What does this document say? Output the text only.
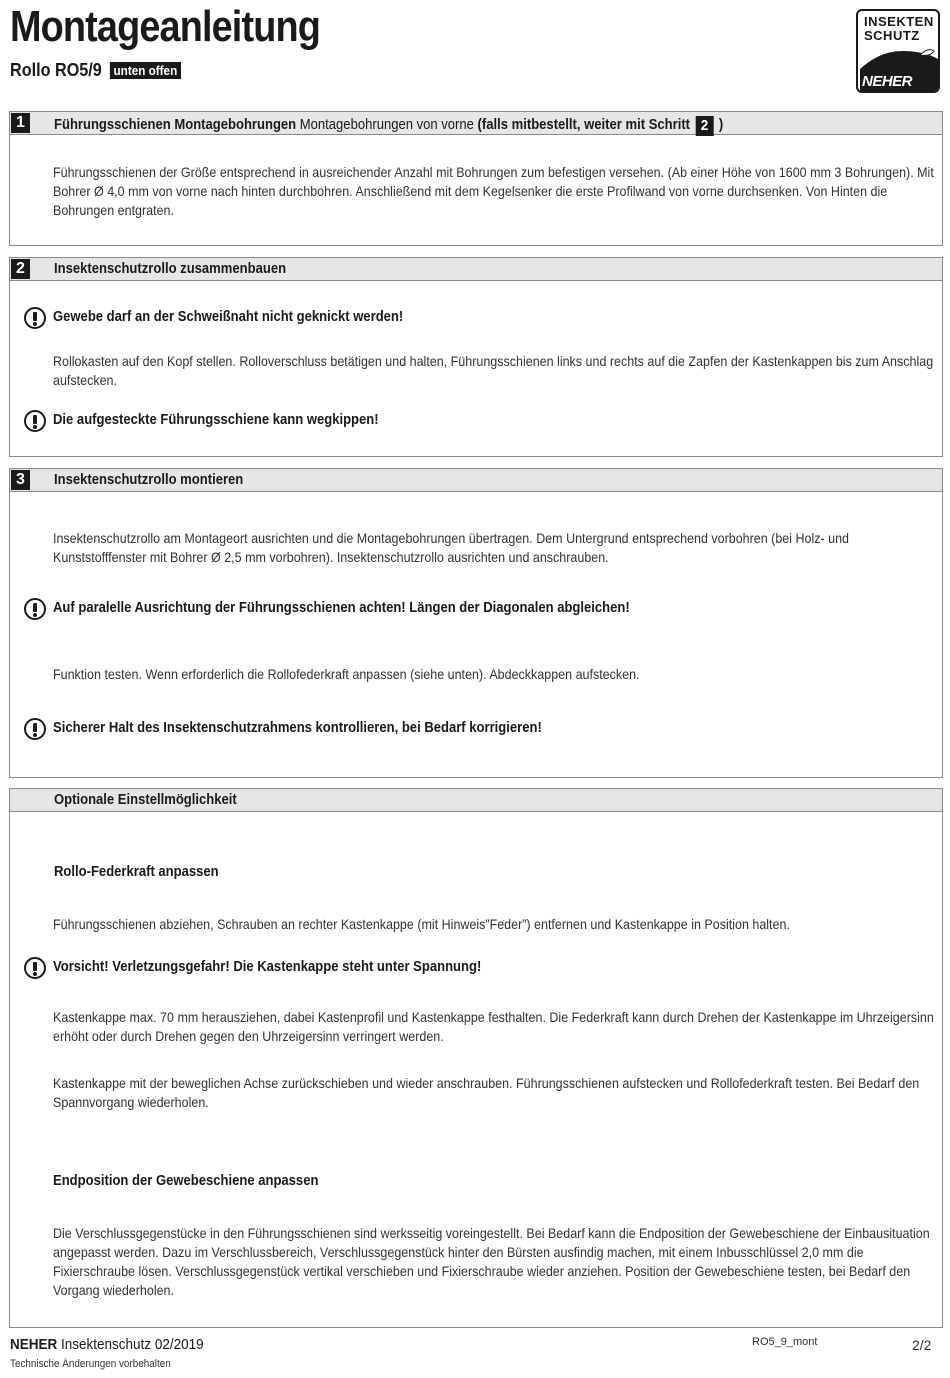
Montageanleitung
Rollo RO5/9 unten offen
INSEKTEN
SCHUTZ
NEHER
1	Führungsschienen Montagebohrungen Montagebohrungen von vorne (falls mitbestellt, weiter mit Schritt 2 )
Führungsschienen der Größe entsprechend in ausreichender Anzahl mit Bohrungen zum befestigen versehen. (Ab einer Höhe von 1600 mm 3 Bohrungen). Mit Bohrer Ø 4,0 mm von vorne nach hinten durchbohren. Anschließend mit dem Kegelsenker die erste Profilwand von vorne durchsenken. Von Hinten die Bohrungen entgraten.
2	Insektenschutzrollo zusammenbauen
Gewebe darf an der Schweißnaht nicht geknickt werden!
Rollokasten auf den Kopf stellen. Rolloverschluss betätigen und halten, Führungsschienen links und rechts auf die Zapfen der Kastenkappen bis zum Anschlag aufstecken.
Die aufgesteckte Führungsschiene kann wegkippen!
3	Insektenschutzrollo montieren
Insektenschutzrollo am Montageort ausrichten und die Montagebohrungen übertragen. Dem Untergrund entsprechend vorbohren (bei Holz- und Kunststofffenster mit Bohrer Ø 2,5 mm vorbohren). Insektenschutzrollo ausrichten und anschrauben.
Auf paralelle Ausrichtung der Führungsschienen achten! Längen der Diagonalen abgleichen!
Funktion testen. Wenn erforderlich die Rollofederkraft anpassen (siehe unten). Abdeckkappen aufstecken.
Sicherer Halt des Insektenschutzrahmens kontrollieren, bei Bedarf korrigieren!
Optionale Einstellmöglichkeit
Rollo-Federkraft anpassen
Führungsschienen abziehen, Schrauben an rechter Kastenkappe (mit Hinweis”Feder”) entfernen und Kastenkappe in Position halten.
Vorsicht! Verletzungsgefahr! Die Kastenkappe steht unter Spannung!
Kastenkappe max. 70 mm herausziehen, dabei Kastenprofil und Kastenkappe festhalten. Die Federkraft kann durch Drehen der Kastenkappe im Uhrzeigersinn erhöht oder durch Drehen gegen den Uhrzeigersinn verringert werden.
Kastenkappe mit der beweglichen Achse zurückschieben und wieder anschrauben. Führungsschienen aufstecken und Rollofederkraft testen. Bei Bedarf den Spannvorgang wiederholen.
Endposition der Gewebeschiene anpassen
Die Verschlussgegenstücke in den Führungsschienen sind werksseitig voreingestellt. Bei Bedarf kann die Endposition der Gewebeschiene der Einbausituation angepasst werden. Dazu im Verschlussbereich, Verschlussgegenstück hinter den Bürsten ausfindig machen, mit einem Inbusschlüssel 2,0 mm die Fixierschraube lösen. Verschlussgegenstück vertikal verschieben und Fixierschraube wieder anziehen. Position der Gewebeschiene testen, bei Bedarf den Vorgang wiederholen.
NEHER Insektenschutz 02/2019
Technische Änderungen vorbehalten
RO5_9_mont	2/2
